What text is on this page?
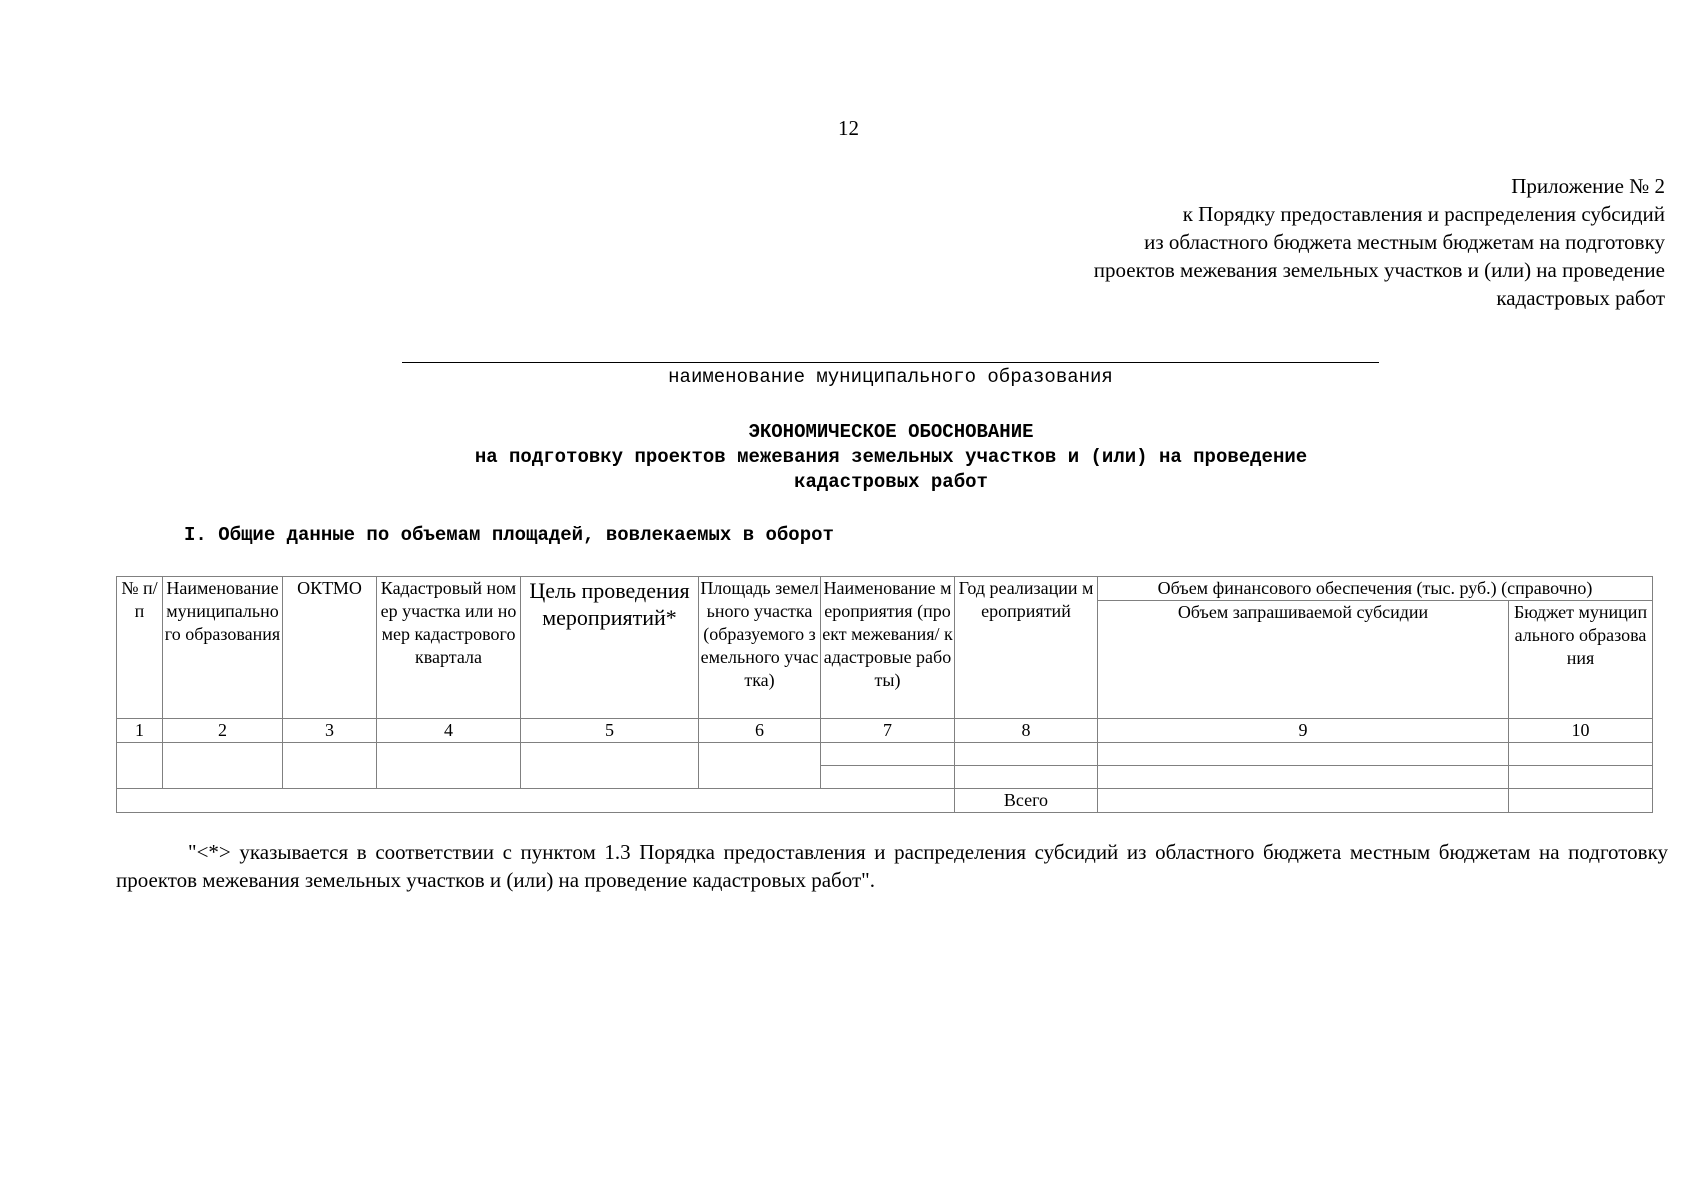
12
Приложение № 2
к Порядку предоставления и распределения субсидий
из областного бюджета местным бюджетам на подготовку
проектов межевания земельных участков и (или) на проведение
кадастровых работ
наименование муниципального образования
ЭКОНОМИЧЕСКОЕ ОБОСНОВАНИЕ
на подготовку проектов межевания земельных участков и (или) на проведение
кадастровых работ
I. Общие данные по объемам площадей, вовлекаемых в оборот
№ п/п	Наименование муниципального образования	ОКТМО	Кадастровый номер участка или номер кадастрового квартала	Цель проведения мероприятий*	Площадь земельного участка (образуемого земельного участка)	Наименование мероприятия (проект межевания/ кадастровые работы)	Год реализации мероприятий	Объем финансового обеспечения (тыс. руб.) (справочно)	
								Объем запрашиваемой субсидии	Бюджет муниципального образования
1	2	3	4	5	6	7	8	9	10

							Всего		
"<*> указывается в соответствии с пунктом 1.3 Порядка предоставления и распределения субсидий из областного бюджета местным бюджетам на подготовку проектов межевания земельных участков и (или) на проведение кадастровых работ".
